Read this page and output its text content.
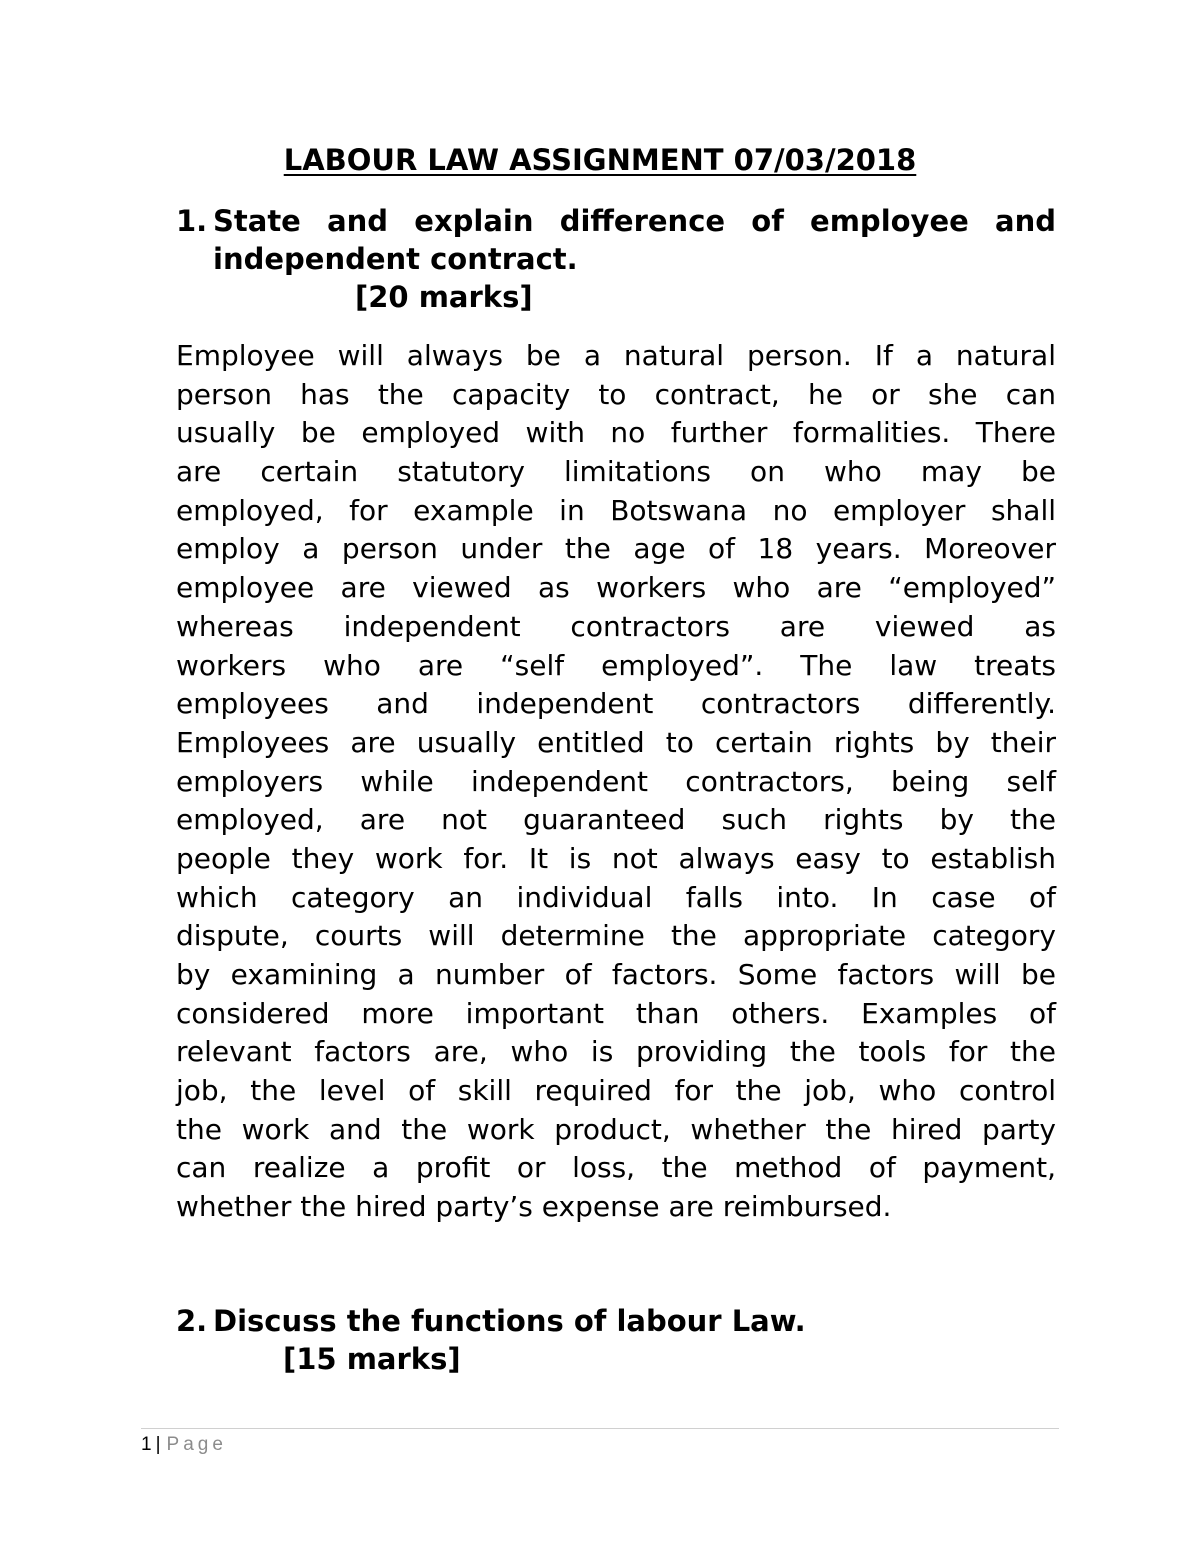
LABOUR LAW ASSIGNMENT 07/03/2018
1. State and explain difference of employee and
independent contract.
[20 marks]
Employee will always be a natural person. If a natural
person has the capacity to contract, he or she can
usually be employed with no further formalities. There
are certain statutory limitations on who may be
employed, for example in Botswana no employer shall
employ a person under the age of 18 years. Moreover
employee are viewed as workers who are “employed”
whereas independent contractors are viewed as
workers who are “self employed”. The law treats
employees and independent contractors differently.
Employees are usually entitled to certain rights by their
employers while independent contractors, being self
employed, are not guaranteed such rights by the
people they work for. It is not always easy to establish
which category an individual falls into. In case of
dispute, courts will determine the appropriate category
by examining a number of factors. Some factors will be
considered more important than others. Examples of
relevant factors are, who is providing the tools for the
job, the level of skill required for the job, who control
the work and the work product, whether the hired party
can realize a profit or loss, the method of payment,
whether the hired party’s expense are reimbursed.
2. Discuss the functions of labour Law.
[15 marks]
1 | Page
